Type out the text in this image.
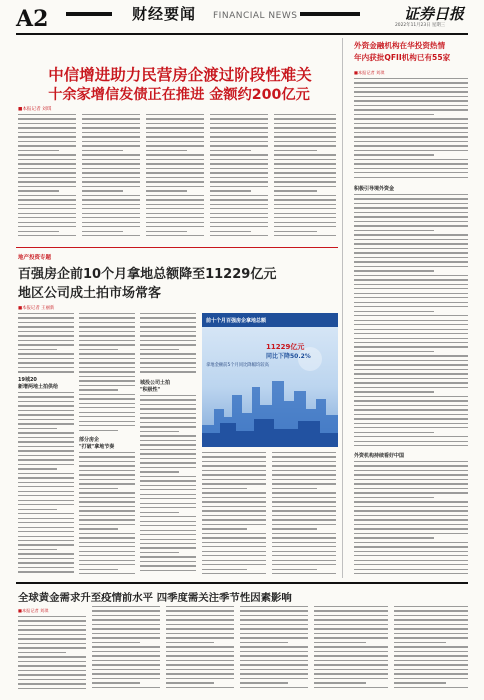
A2	财经要闻 FINANCIAL NEWS	证券日报
2022年11月23日 星期三
中信增进助力民营房企渡过阶段性难关
十余家增信发债正在推进 金额约200亿元
■本报记者 刘琪
地产投资专题
百强房企前10个月拿地总额降至11229亿元
地区公司成土拍市场常客
■本报记者 王丽新
19城20
新增两地土拍供给
部分房企
"打破"拿地节奏
城投公司土拍
"积极性"
前十个月百强房企拿地总额
11229亿元
同比下降50.2%
拿地金额前5个月同比降幅均较高
外资金融机构在华投资热情
年内获批QFII机构已有55家
■本报记者 刘琪
积极引导境外资金
外资机构持续看好中国
全球黄金需求升至疫情前水平 四季度需关注季节性因素影响
■本报记者 刘琪
